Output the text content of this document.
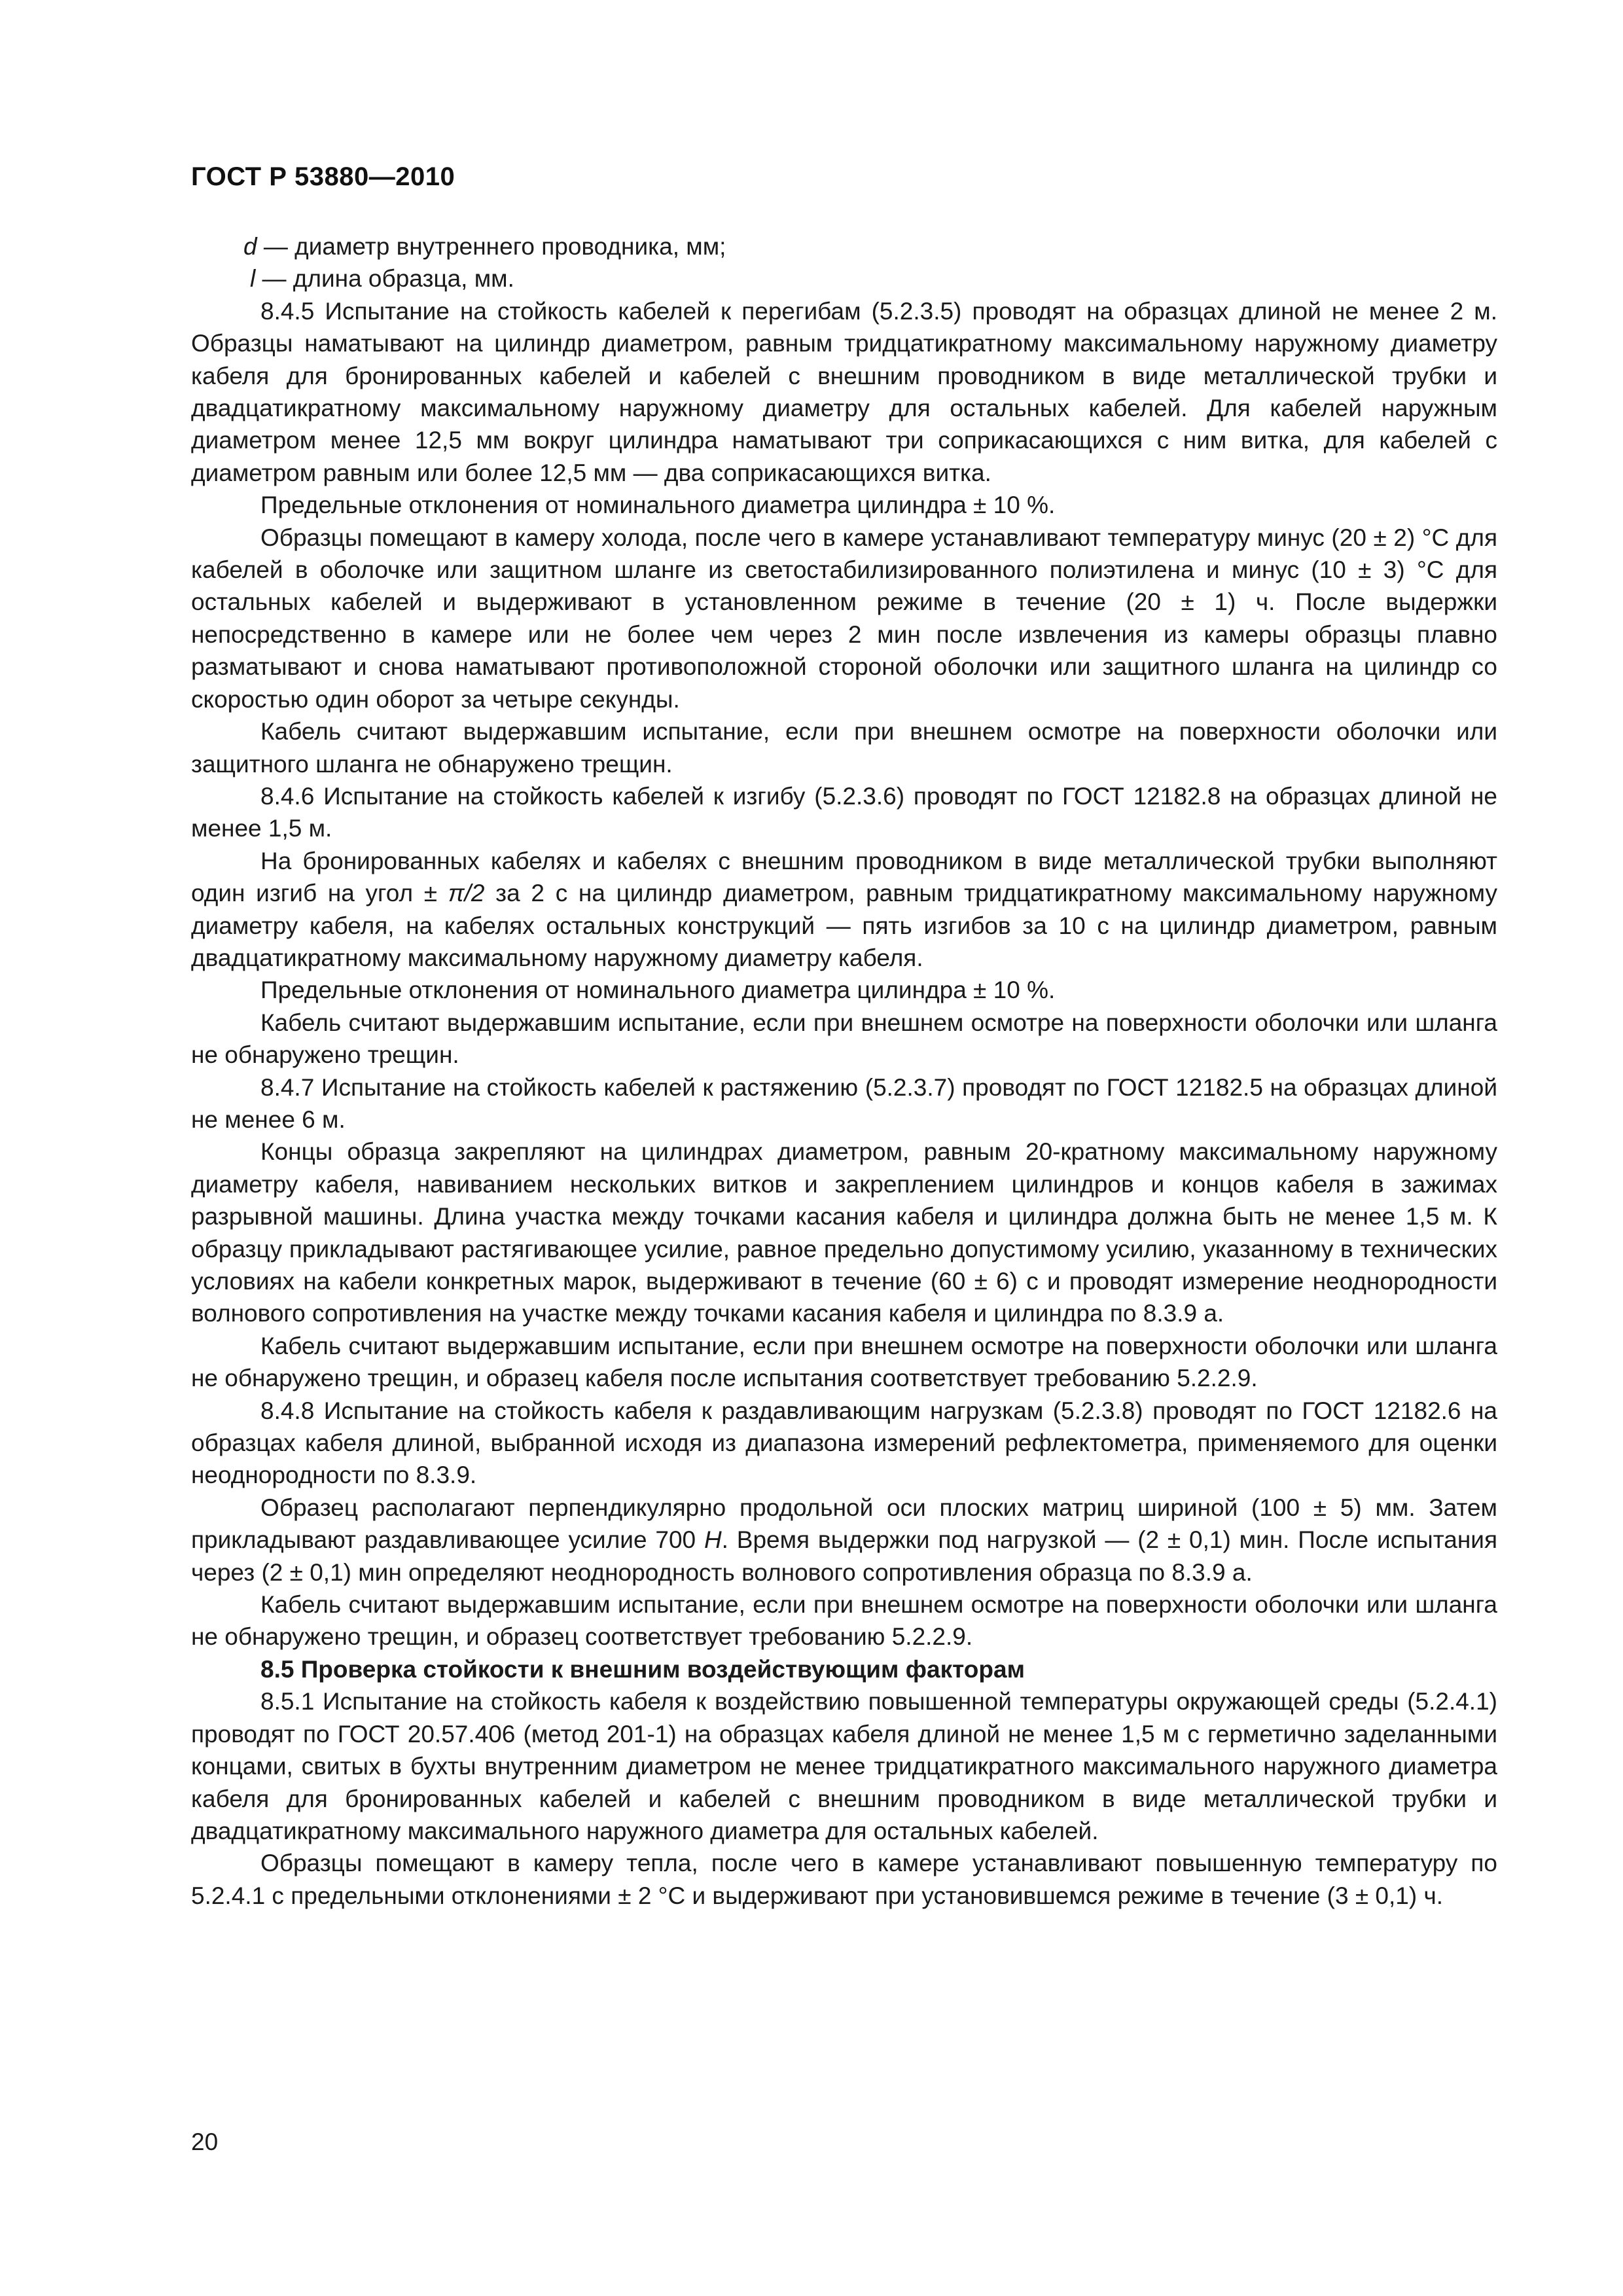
ГОСТ Р 53880—2010

d — диаметр внутреннего проводника, мм;

l — длина образца, мм.

8.4.5 Испытание на стойкость кабелей к перегибам (5.2.3.5) проводят на образцах длиной не менее 2 м. Образцы наматывают на цилиндр диаметром, равным тридцатикратному максимальному наружному диаметру кабеля для бронированных кабелей и кабелей с внешним проводником в виде металлической трубки и двадцатикратному максимальному наружному диаметру для остальных кабелей. Для кабелей наружным диаметром менее 12,5 мм вокруг цилиндра наматывают три соприкасающихся с ним витка, для кабелей с диаметром равным или более 12,5 мм — два соприкасающихся витка.

Предельные отклонения от номинального диаметра цилиндра ± 10 %.

Образцы помещают в камеру холода, после чего в камере устанавливают температуру минус (20 ± 2) °С для кабелей в оболочке или защитном шланге из светостабилизированного полиэтилена и минус (10 ± 3) °С для остальных кабелей и выдерживают в установленном режиме в течение (20 ± 1) ч. После выдержки непосредственно в камере или не более чем через 2 мин после извлечения из камеры образцы плавно разматывают и снова наматывают противоположной стороной оболочки или защитного шланга на цилиндр со скоростью один оборот за четыре секунды.

Кабель считают выдержавшим испытание, если при внешнем осмотре на поверхности оболочки или защитного шланга не обнаружено трещин.

8.4.6 Испытание на стойкость кабелей к изгибу (5.2.3.6) проводят по ГОСТ 12182.8 на образцах длиной не менее 1,5 м.

На бронированных кабелях и кабелях с внешним проводником в виде металлической трубки выполняют один изгиб на угол ± π/2 за 2 с на цилиндр диаметром, равным тридцатикратному максимальному наружному диаметру кабеля, на кабелях остальных конструкций — пять изгибов за 10 с на цилиндр диаметром, равным двадцатикратному максимальному наружному диаметру кабеля.

Предельные отклонения от номинального диаметра цилиндра ± 10 %.

Кабель считают выдержавшим испытание, если при внешнем осмотре на поверхности оболочки или шланга не обнаружено трещин.

8.4.7 Испытание на стойкость кабелей к растяжению (5.2.3.7) проводят по ГОСТ 12182.5 на образцах длиной не менее 6 м.

Концы образца закрепляют на цилиндрах диаметром, равным 20-кратному максимальному наружному диаметру кабеля, навиванием нескольких витков и закреплением цилиндров и концов кабеля в зажимах разрывной машины. Длина участка между точками касания кабеля и цилиндра должна быть не менее 1,5 м. К образцу прикладывают растягивающее усилие, равное предельно допустимому усилию, указанному в технических условиях на кабели конкретных марок, выдерживают в течение (60 ± 6) с и проводят измерение неоднородности волнового сопротивления на участке между точками касания кабеля и цилиндра по 8.3.9 а.

Кабель считают выдержавшим испытание, если при внешнем осмотре на поверхности оболочки или шланга не обнаружено трещин, и образец кабеля после испытания соответствует требованию 5.2.2.9.

8.4.8 Испытание на стойкость кабеля к раздавливающим нагрузкам (5.2.3.8) проводят по ГОСТ 12182.6 на образцах кабеля длиной, выбранной исходя из диапазона измерений рефлектометра, применяемого для оценки неоднородности по 8.3.9.

Образец располагают перпендикулярно продольной оси плоских матриц шириной (100 ± 5) мм. Затем прикладывают раздавливающее усилие 700 Н. Время выдержки под нагрузкой — (2 ± 0,1) мин. После испытания через (2 ± 0,1) мин определяют неоднородность волнового сопротивления образца по 8.3.9 а.

Кабель считают выдержавшим испытание, если при внешнем осмотре на поверхности оболочки или шланга не обнаружено трещин, и образец соответствует требованию 5.2.2.9.

8.5 Проверка стойкости к внешним воздействующим факторам

8.5.1 Испытание на стойкость кабеля к воздействию повышенной температуры окружающей среды (5.2.4.1) проводят по ГОСТ 20.57.406 (метод 201-1) на образцах кабеля длиной не менее 1,5 м с герметично заделанными концами, свитых в бухты внутренним диаметром не менее тридцатикратного максимального наружного диаметра кабеля для бронированных кабелей и кабелей с внешним проводником в виде металлической трубки и двадцатикратному максимального наружного диаметра для остальных кабелей.

Образцы помещают в камеру тепла, после чего в камере устанавливают повышенную температуру по 5.2.4.1 с предельными отклонениями ± 2 °С и выдерживают при установившемся режиме в течение (3 ± 0,1) ч.

20
